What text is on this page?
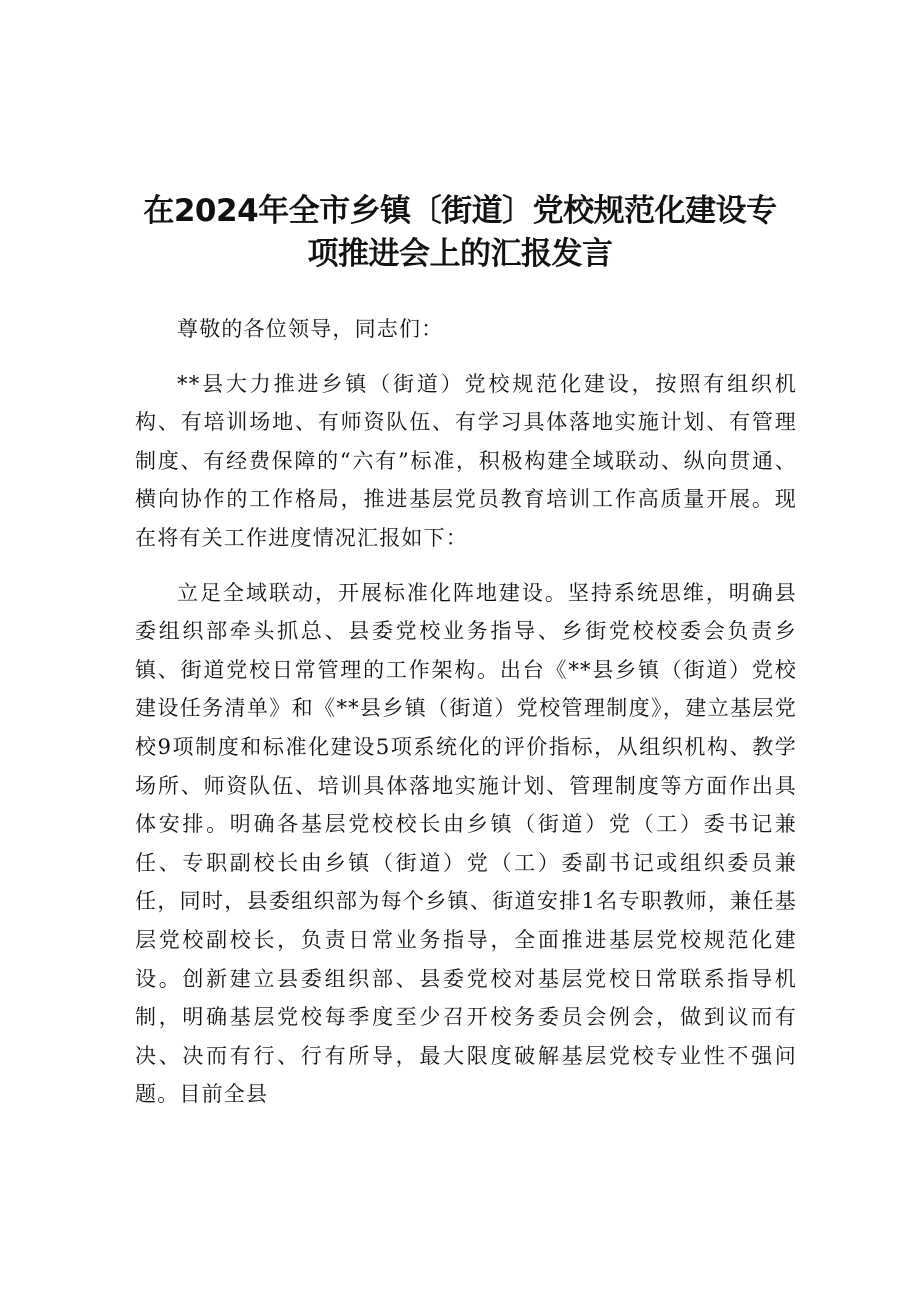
在2024年全市乡镇〔街道〕党校规范化建设专
项推进会上的汇报发言

尊敬的各位领导，同志们：

**县大力推进乡镇（街道）党校规范化建设，按照有组织机构、有培训场地、有师资队伍、有学习具体落地实施计划、有管理制度、有经费保障的“六有”标准，积极构建全域联动、纵向贯通、横向协作的工作格局，推进基层党员教育培训工作高质量开展。现在将有关工作进度情况汇报如下：

立足全域联动，开展标准化阵地建设。坚持系统思维，明确县委组织部牵头抓总、县委党校业务指导、乡街党校校委会负责乡镇、街道党校日常管理的工作架构。出台《**县乡镇（街道）党校建设任务清单》和《**县乡镇（街道）党校管理制度》，建立基层党校9项制度和标准化建设5项系统化的评价指标，从组织机构、教学场所、师资队伍、培训具体落地实施计划、管理制度等方面作出具体安排。明确各基层党校校长由乡镇（街道）党（工）委书记兼任、专职副校长由乡镇（街道）党（工）委副书记或组织委员兼任，同时，县委组织部为每个乡镇、街道安排1名专职教师，兼任基层党校副校长，负责日常业务指导，全面推进基层党校规范化建设。创新建立县委组织部、县委党校对基层党校日常联系指导机制，明确基层党校每季度至少召开校务委员会例会，做到议而有决、决而有行、行有所导，最大限度破解基层党校专业性不强问题。目前全县
